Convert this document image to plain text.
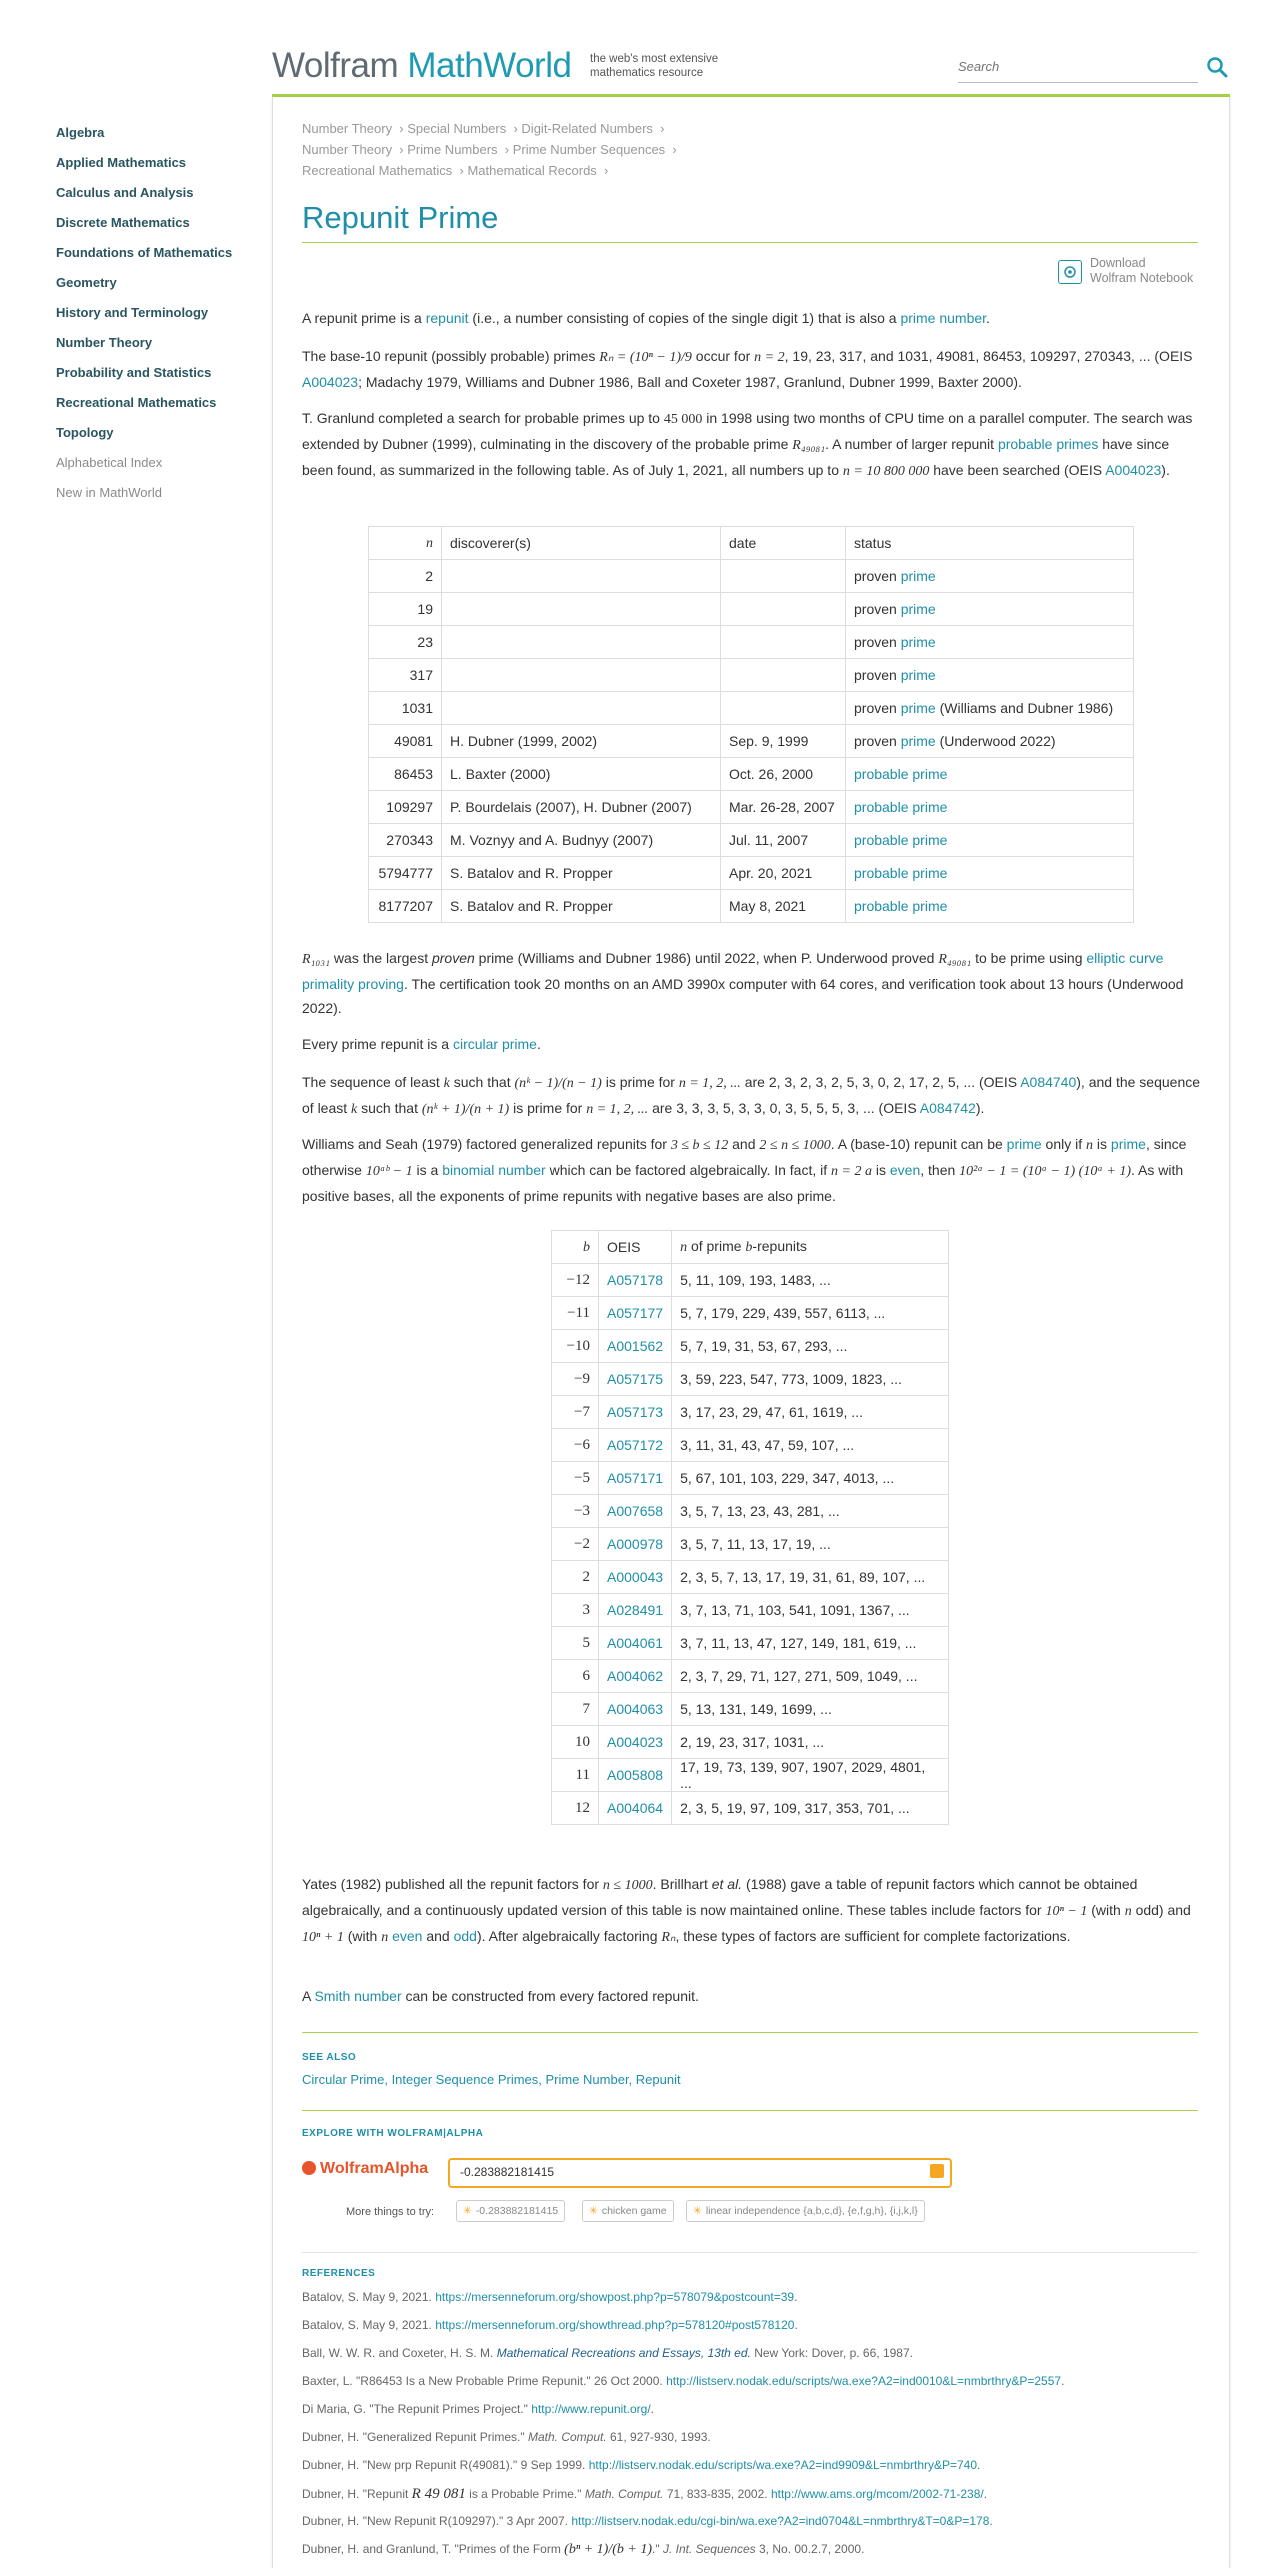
Wolfram MathWorld the web's most extensive
mathematics resource
Search
Algebra
Applied Mathematics
Calculus and Analysis
Discrete Mathematics
Foundations of Mathematics
Geometry
History and Terminology
Number Theory
Probability and Statistics
Recreational Mathematics
Topology
Alphabetical Index
New in MathWorld
Number Theory  › Special Numbers  › Digit-Related Numbers  ›
Number Theory  › Prime Numbers  › Prime Number Sequences  ›
Recreational Mathematics  › Mathematical Records  ›
Repunit Prime
Download
Wolfram Notebook

A repunit prime is a repunit (i.e., a number consisting of copies of the single digit 1) that is also a prime number.

The base-10 repunit (possibly probable) primes Rₙ = (10ⁿ − 1)/9 occur for n = 2, 19, 23, 317, and 1031, 49081, 86453, 109297, 270343, ... (OEIS A004023; Madachy 1979, Williams and Dubner 1986, Ball and Coxeter 1987, Granlund, Dubner 1999, Baxter 2000).

T. Granlund completed a search for probable primes up to 45 000 in 1998 using two months of CPU time on a parallel computer. The search was extended by Dubner (1999), culminating in the discovery of the probable prime R₄₉₀₈₁. A number of larger repunit probable primes have since been found, as summarized in the following table. As of July 1, 2021, all numbers up to n = 10 800 000 have been searched (OEIS A004023).

n	discoverer(s)	date	status
2			proven prime
19			proven prime
23			proven prime
317			proven prime
1031			proven prime (Williams and Dubner 1986)
49081	H. Dubner (1999, 2002)	Sep. 9, 1999	proven prime (Underwood 2022)
86453	L. Baxter (2000)	Oct. 26, 2000	probable prime
109297	P. Bourdelais (2007), H. Dubner (2007)	Mar. 26-28, 2007	probable prime
270343	M. Voznyy and A. Budnyy (2007)	Jul. 11, 2007	probable prime
5794777	S. Batalov and R. Propper	Apr. 20, 2021	probable prime
8177207	S. Batalov and R. Propper	May 8, 2021	probable prime

R₁₀₃₁ was the largest proven prime (Williams and Dubner 1986) until 2022, when P. Underwood proved R₄₉₀₈₁ to be prime using elliptic curve primality proving. The certification took 20 months on an AMD 3990x computer with 64 cores, and verification took about 13 hours (Underwood 2022).

Every prime repunit is a circular prime.

The sequence of least k such that (nᵏ − 1)/(n − 1) is prime for n = 1, 2, ... are 2, 3, 2, 3, 2, 5, 3, 0, 2, 17, 2, 5, ... (OEIS A084740), and the sequence of least k such that (nᵏ + 1)/(n + 1) is prime for n = 1, 2, ... are 3, 3, 3, 5, 3, 3, 0, 3, 5, 5, 5, 3, ... (OEIS A084742).

Williams and Seah (1979) factored generalized repunits for 3 ≤ b ≤ 12 and 2 ≤ n ≤ 1000. A (base-10) repunit can be prime only if n is prime, since otherwise 10ᵃᵇ − 1 is a binomial number which can be factored algebraically. In fact, if n = 2 a is even, then 10²ᵃ − 1 = (10ᵃ − 1) (10ᵃ + 1). As with positive bases, all the exponents of prime repunits with negative bases are also prime.

b	OEIS	n of prime b-repunits
−12	A057178	5, 11, 109, 193, 1483, ...
−11	A057177	5, 7, 179, 229, 439, 557, 6113, ...
−10	A001562	5, 7, 19, 31, 53, 67, 293, ...
−9	A057175	3, 59, 223, 547, 773, 1009, 1823, ...
−7	A057173	3, 17, 23, 29, 47, 61, 1619, ...
−6	A057172	3, 11, 31, 43, 47, 59, 107, ...
−5	A057171	5, 67, 101, 103, 229, 347, 4013, ...
−3	A007658	3, 5, 7, 13, 23, 43, 281, ...
−2	A000978	3, 5, 7, 11, 13, 17, 19, ...
2	A000043	2, 3, 5, 7, 13, 17, 19, 31, 61, 89, 107, ...
3	A028491	3, 7, 13, 71, 103, 541, 1091, 1367, ...
5	A004061	3, 7, 11, 13, 47, 127, 149, 181, 619, ...
6	A004062	2, 3, 7, 29, 71, 127, 271, 509, 1049, ...
7	A004063	5, 13, 131, 149, 1699, ...
10	A004023	2, 19, 23, 317, 1031, ...
11	A005808	17, 19, 73, 139, 907, 1907, 2029, 4801, ...
12	A004064	2, 3, 5, 19, 97, 109, 317, 353, 701, ...

Yates (1982) published all the repunit factors for n ≤ 1000. Brillhart et al. (1988) gave a table of repunit factors which cannot be obtained algebraically, and a continuously updated version of this table is now maintained online. These tables include factors for 10ⁿ − 1 (with n odd) and 10ⁿ + 1 (with n even and odd). After algebraically factoring Rₙ, these types of factors are sufficient for complete factorizations.

A Smith number can be constructed from every factored repunit.

SEE ALSO
Circular Prime, Integer Sequence Primes, Prime Number, Repunit
EXPLORE WITH WOLFRAM|ALPHA
WolframAlpha	-0.283882181415
More things to try:	✳ -0.283882181415	✳ chicken game	✳ linear independence {a,b,c,d}, {e,f,g,h}, {i,j,k,l}
REFERENCES
Batalov, S. May 9, 2021. https://mersenneforum.org/showpost.php?p=578079&postcount=39.
Batalov, S. May 9, 2021. https://mersenneforum.org/showthread.php?p=578120#post578120.
Ball, W. W. R. and Coxeter, H. S. M. Mathematical Recreations and Essays, 13th ed. New York: Dover, p. 66, 1987.
Baxter, L. "R86453 Is a New Probable Prime Repunit." 26 Oct 2000. http://listserv.nodak.edu/scripts/wa.exe?A2=ind0010&L=nmbrthry&P=2557.
Di Maria, G. "The Repunit Primes Project." http://www.repunit.org/.
Dubner, H. "Generalized Repunit Primes." Math. Comput. 61, 927-930, 1993.
Dubner, H. "New prp Repunit R(49081)." 9 Sep 1999. http://listserv.nodak.edu/scripts/wa.exe?A2=ind9909&L=nmbrthry&P=740.
Dubner, H. "Repunit R 49 081 is a Probable Prime." Math. Comput. 71, 833-835, 2002. http://www.ams.org/mcom/2002-71-238/.
Dubner, H. "New Repunit R(109297)." 3 Apr 2007. http://listserv.nodak.edu/cgi-bin/wa.exe?A2=ind0704&L=nmbrthry&T=0&P=178.
Dubner, H. and Granlund, T. "Primes of the Form (bⁿ + 1)/(b + 1)." J. Int. Sequences 3, No. 00.2.7, 2000.
